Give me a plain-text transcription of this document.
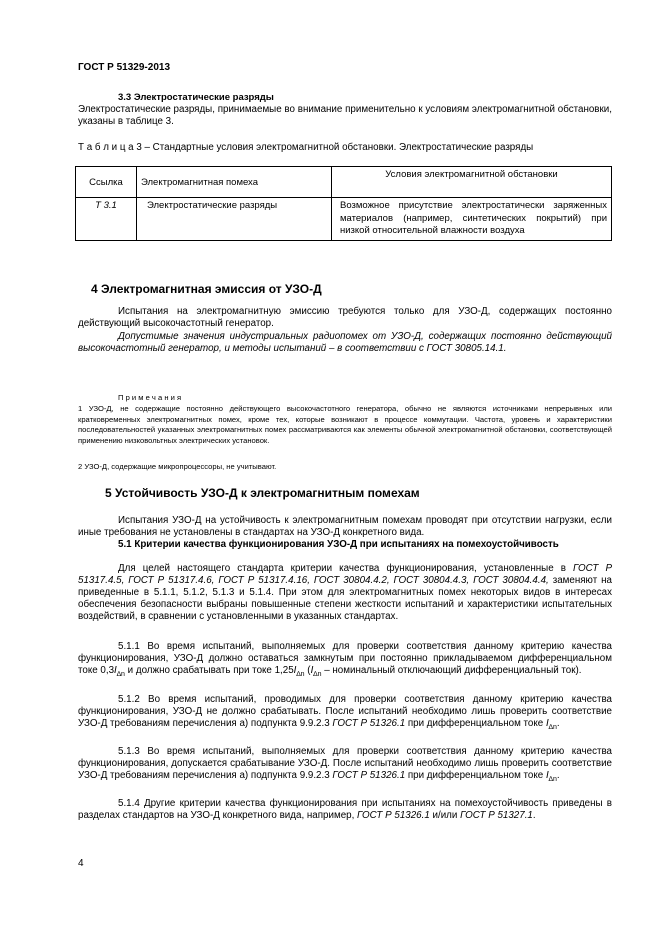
ГОСТ Р 51329-2013
3.3 Электростатические разряды
Электростатические разряды, принимаемые во внимание применительно к условиям электромагнитной обстановки, указаны в таблице 3.
Т а б л и ц а 3 – Стандартные условия электромагнитной обстановки. Электростатические разряды
Ссылка	Электромагнитная помеха	Условия электромагнитной обстановки
Т 3.1	Электростатические разряды	Возможное присутствие электростатически заряженных материалов (например, синтетических покрытий) при низкой относительной влажности воздуха
4 Электромагнитная эмиссия от УЗО-Д
Испытания на электромагнитную эмиссию требуются только для УЗО-Д, содержащих постоянно действующий высокочастотный генератор.
Допустимые значения индустриальных радиопомех от УЗО-Д, содержащих постоянно действующий высокочастотный генератор, и методы испытаний – в соответствии с ГОСТ 30805.14.1.
П р и м е ч а н и я
1 УЗО-Д, не содержащие постоянно действующего высокочастотного генератора, обычно не являются источниками непрерывных или кратковременных электромагнитных помех, кроме тех, которые возникают в процессе коммутации. Частота, уровень и характеристики последовательностей указанных электромагнитных помех рассматриваются как элементы обычной электромагнитной обстановки, соответствующей применению низковольтных электрических установок.
2 УЗО-Д, содержащие микропроцессоры, не учитывают.
5 Устойчивость УЗО-Д к электромагнитным помехам
Испытания УЗО-Д на устойчивость к электромагнитным помехам проводят при отсутствии нагрузки, если иные требования не установлены в стандартах на УЗО-Д конкретного вида.
5.1 Критерии качества функционирования УЗО-Д при испытаниях на помехоустойчивость
Для целей настоящего стандарта критерии качества функционирования, установленные в ГОСТ Р 51317.4.5, ГОСТ Р 51317.4.6, ГОСТ Р 51317.4.16, ГОСТ 30804.4.2, ГОСТ 30804.4.3, ГОСТ 30804.4.4, заменяют на приведенные в 5.1.1, 5.1.2, 5.1.3 и 5.1.4. При этом для электромагнитных помех некоторых видов в интересах обеспечения безопасности выбраны повышенные степени жесткости испытаний и характеристики испытательных воздействий, в сравнении с установленными в указанных стандартах.
5.1.1 Во время испытаний, выполняемых для проверки соответствия данному критерию качества функционирования, УЗО-Д должно оставаться замкнутым при постоянно прикладываемом дифференциальном токе $0,3I_{\Delta n}$ и должно срабатывать при токе $1,25I_{\Delta n}$ ($I_{\Delta n}$ – номинальный отключающий дифференциальный ток).
5.1.2 Во время испытаний, проводимых для проверки соответствия данному критерию качества функционирования, УЗО-Д не должно срабатывать. После испытаний необходимо лишь проверить соответствие УЗО-Д требованиям перечисления а) подпункта 9.9.2.3 ГОСТ Р 51326.1 при дифференциальном токе $I_{\Delta n}$.
5.1.3 Во время испытаний, выполняемых для проверки соответствия данному критерию качества функционирования, допускается срабатывание УЗО-Д. После испытаний необходимо лишь проверить соответствие УЗО-Д требованиям перечисления а) подпункта 9.9.2.3 ГОСТ Р 51326.1 при дифференциальном токе $I_{\Delta n}$.
5.1.4 Другие критерии качества функционирования при испытаниях на помехоустойчивость приведены в разделах стандартов на УЗО-Д конкретного вида, например, ГОСТ Р 51326.1 и/или ГОСТ Р 51327.1.
4
